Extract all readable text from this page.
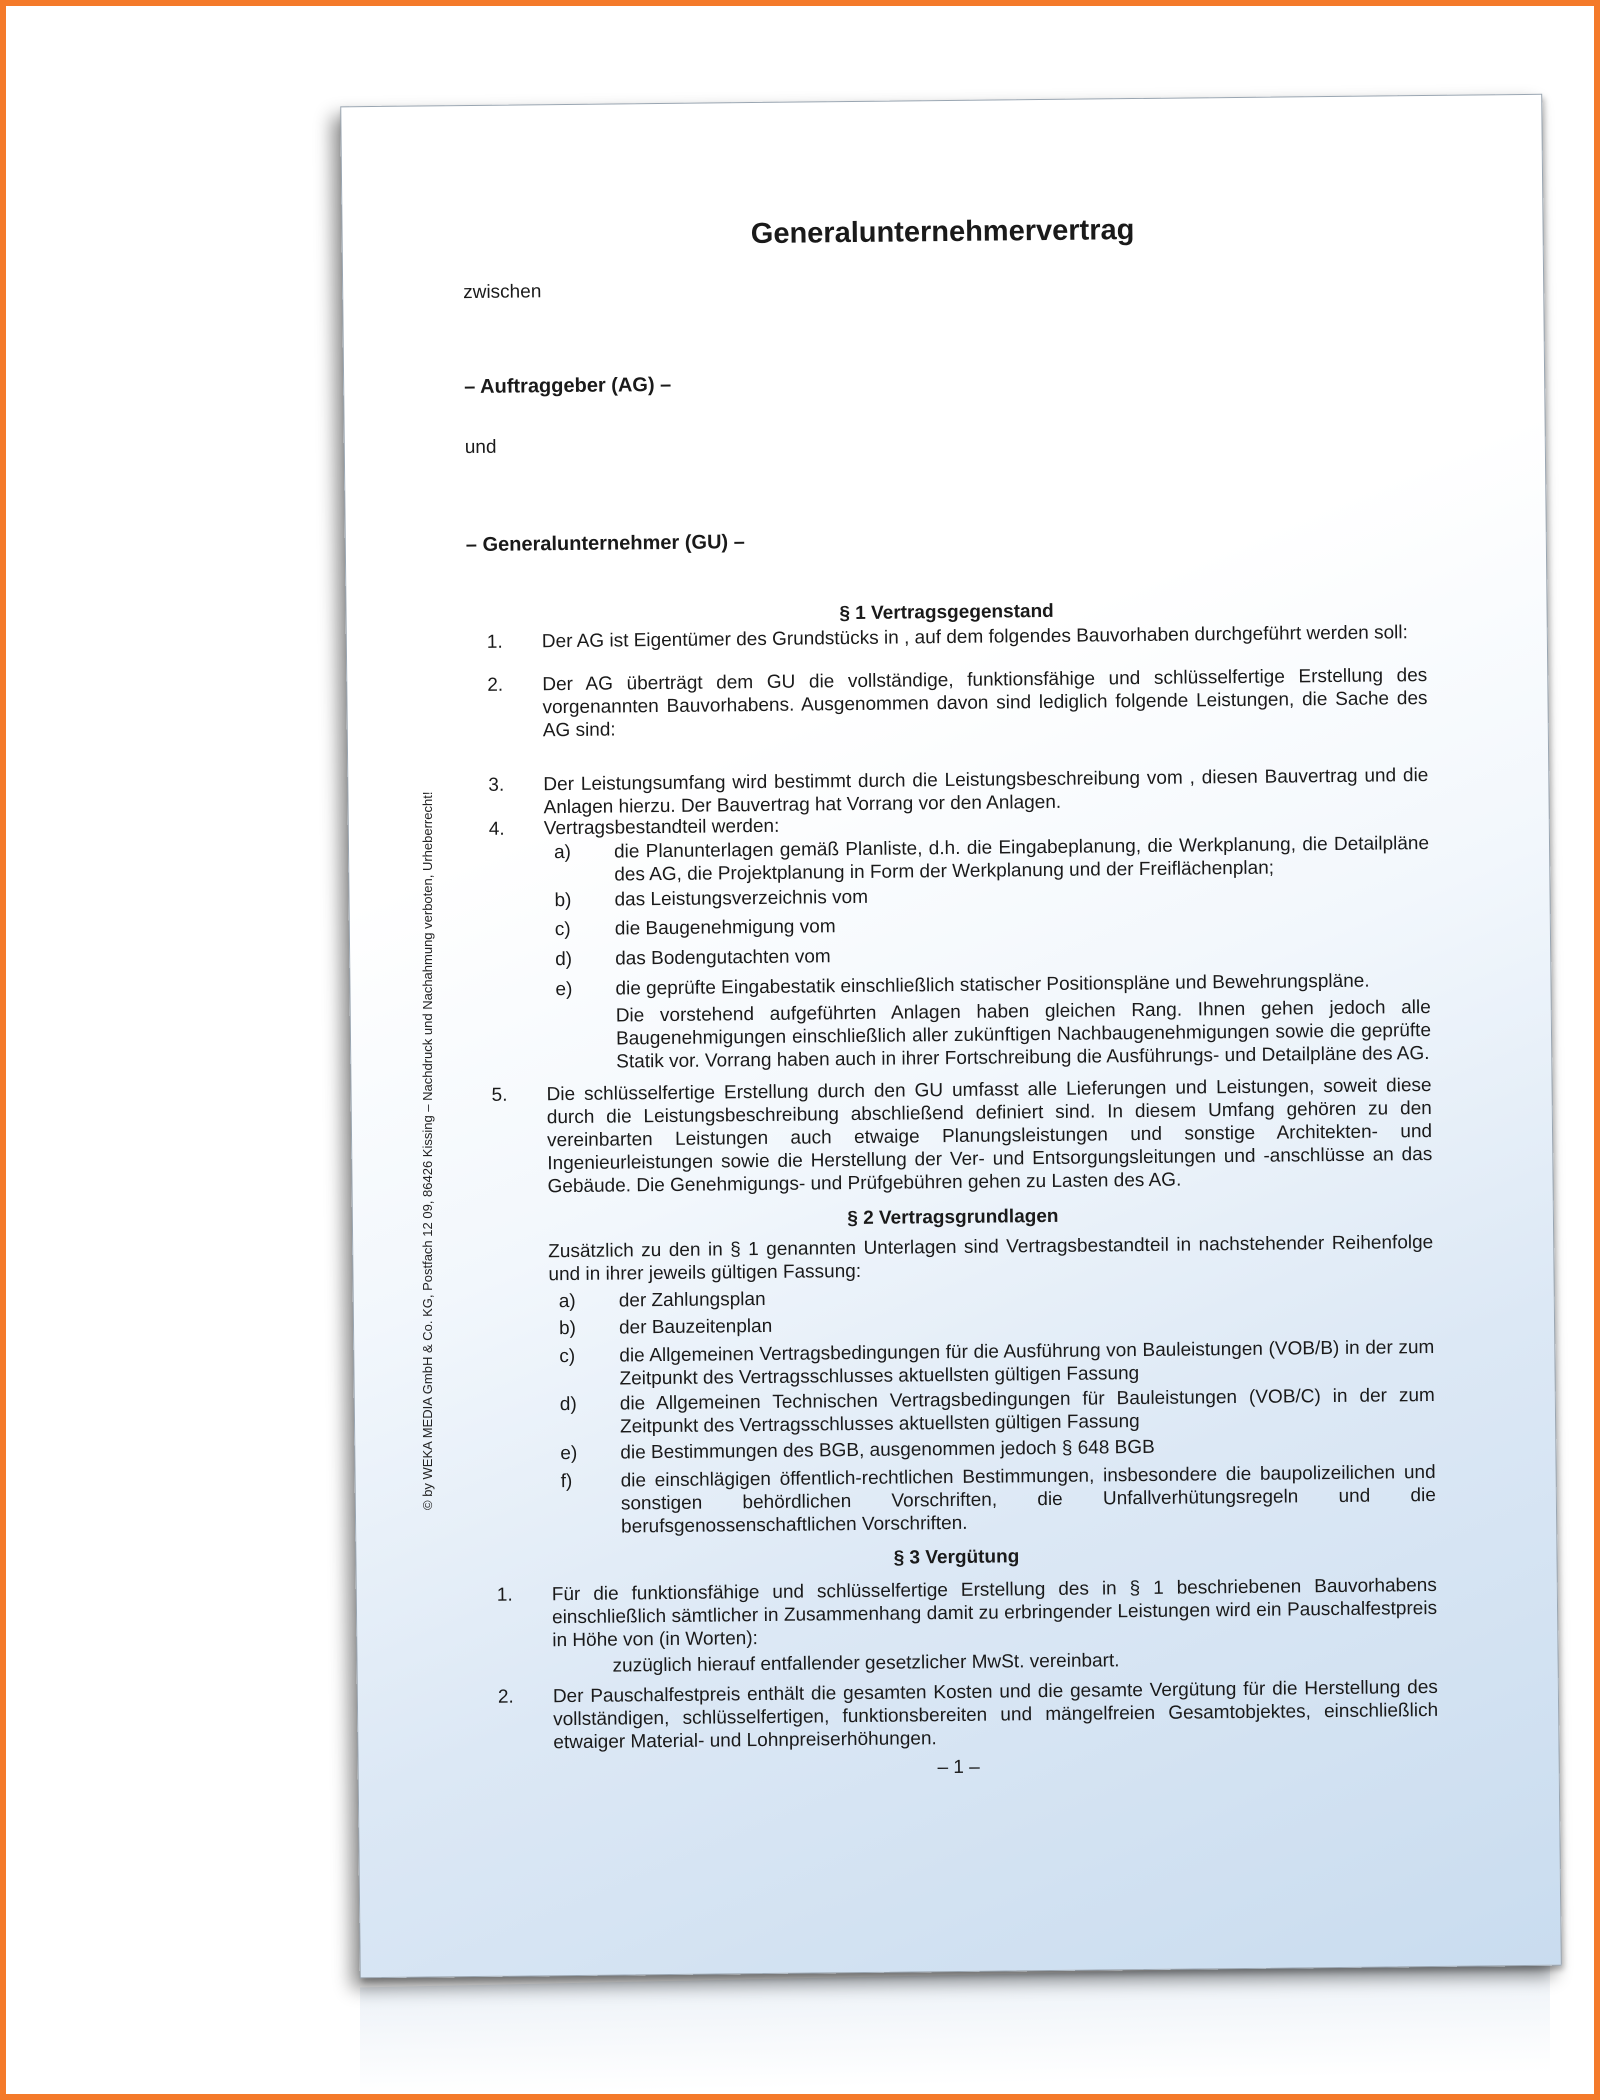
Generalunternehmervertrag
zwischen
– Auftraggeber (AG) –
und
– Generalunternehmer (GU) –
§ 1 Vertragsgegenstand
1. Der AG ist Eigentümer des Grundstücks in , auf dem folgendes Bauvorhaben durchgeführt werden soll:
2. Der AG überträgt dem GU die vollständige, funktionsfähige und schlüsselfertige Erstellung des vorgenannten Bauvorhabens. Ausgenommen davon sind lediglich folgende Leistungen, die Sache des AG sind:
3. Der Leistungsumfang wird bestimmt durch die Leistungsbeschreibung vom , diesen Bauvertrag und die Anlagen hierzu. Der Bauvertrag hat Vorrang vor den Anlagen.
4. Vertragsbestandteil werden:
a) die Planunterlagen gemäß Planliste, d.h. die Eingabeplanung, die Werkplanung, die Detailpläne des AG, die Projektplanung in Form der Werkplanung und der Freiflächenplan;
b) das Leistungsverzeichnis vom
c) die Baugenehmigung vom
d) das Bodengutachten vom
e) die geprüfte Eingabestatik einschließlich statischer Positionspläne und Bewehrungspläne.
Die vorstehend aufgeführten Anlagen haben gleichen Rang. Ihnen gehen jedoch alle Baugenehmigungen einschließlich aller zukünftigen Nachbaugenehmigungen sowie die geprüfte Statik vor. Vorrang haben auch in ihrer Fortschreibung die Ausführungs- und Detailpläne des AG.
5. Die schlüsselfertige Erstellung durch den GU umfasst alle Lieferungen und Leistungen, soweit diese durch die Leistungsbeschreibung abschließend definiert sind. In diesem Umfang gehören zu den vereinbarten Leistungen auch etwaige Planungsleistungen und sonstige Architekten- und Ingenieurleistungen sowie die Herstellung der Ver- und Entsorgungsleitungen und -anschlüsse an das Gebäude. Die Genehmigungs- und Prüfgebühren gehen zu Lasten des AG.
§ 2 Vertragsgrundlagen
Zusätzlich zu den in § 1 genannten Unterlagen sind Vertragsbestandteil in nachstehender Reihenfolge und in ihrer jeweils gültigen Fassung:
a) der Zahlungsplan
b) der Bauzeitenplan
c) die Allgemeinen Vertragsbedingungen für die Ausführung von Bauleistungen (VOB/B) in der zum Zeitpunkt des Vertragsschlusses aktuellsten gültigen Fassung
d) die Allgemeinen Technischen Vertragsbedingungen für Bauleistungen (VOB/C) in der zum Zeitpunkt des Vertragsschlusses aktuellsten gültigen Fassung
e) die Bestimmungen des BGB, ausgenommen jedoch § 648 BGB
f)	die einschlägigen öffentlich-rechtlichen Bestimmungen, insbesondere die baupolizeilichen und sonstigen behördlichen Vorschriften, die Unfallverhütungsregeln und die berufsgenossenschaftlichen Vorschriften.
§ 3 Vergütung
1. Für die funktionsfähige und schlüsselfertige Erstellung des in § 1 beschriebenen Bauvorhabens einschließlich sämtlicher in Zusammenhang damit zu erbringender Leistungen wird ein Pauschalfestpreis in Höhe von (in Worten):
zuzüglich hierauf entfallender gesetzlicher MwSt. vereinbart.
2. Der Pauschalfestpreis enthält die gesamten Kosten und die gesamte Vergütung für die Herstellung des vollständigen, schlüsselfertigen, funktionsbereiten und mängelfreien Gesamtobjektes, einschließlich etwaiger Material- und Lohnpreiserhöhungen.
– 1 –
© by WEKA MEDIA GmbH & Co. KG, Postfach 12 09, 86426 Kissing – Nachdruck und Nachahmung verboten, Urheberrecht!
